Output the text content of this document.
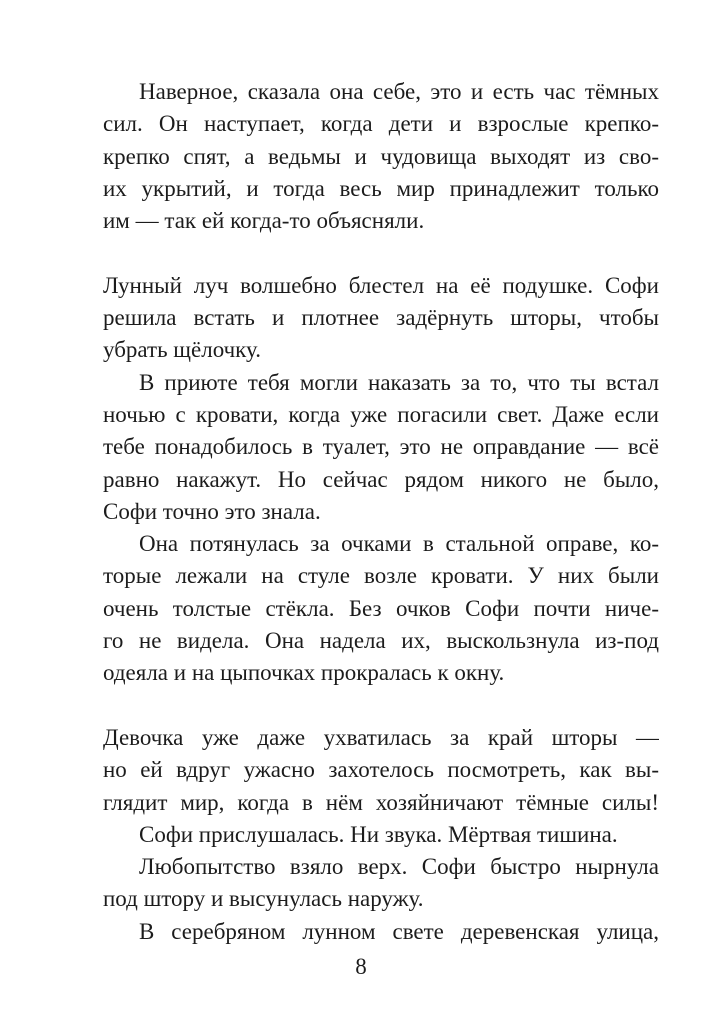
Наверное, сказала она себе, это и есть час тёмных
сил. Он наступает, когда дети и взрослые крепко-
крепко спят, а ведьмы и чудовища выходят из сво-
их укрытий, и тогда весь мир принадлежит только
им — так ей когда-то объясняли.
Лунный луч волшебно блестел на её подушке. Софи
решила встать и плотнее задёрнуть шторы, чтобы
убрать щёлочку.
В приюте тебя могли наказать за то, что ты встал
ночью с кровати, когда уже погасили свет. Даже если
тебе понадобилось в туалет, это не оправдание — всё
равно накажут. Но сейчас рядом никого не было,
Софи точно это знала.
Она потянулась за очками в стальной оправе, ко-
торые лежали на стуле возле кровати. У них были
очень толстые стёкла. Без очков Софи почти ниче-
го не видела. Она надела их, выскользнула из-под
одеяла и на цыпочках прокралась к окну.
Девочка уже даже ухватилась за край шторы —
но ей вдруг ужасно захотелось посмотреть, как вы-
глядит мир, когда в нём хозяйничают тёмные силы!
Софи прислушалась. Ни звука. Мёртвая тишина.
Любопытство взяло верх. Софи быстро нырнула
под штору и высунулась наружу.
В серебряном лунном свете деревенская улица,
8
